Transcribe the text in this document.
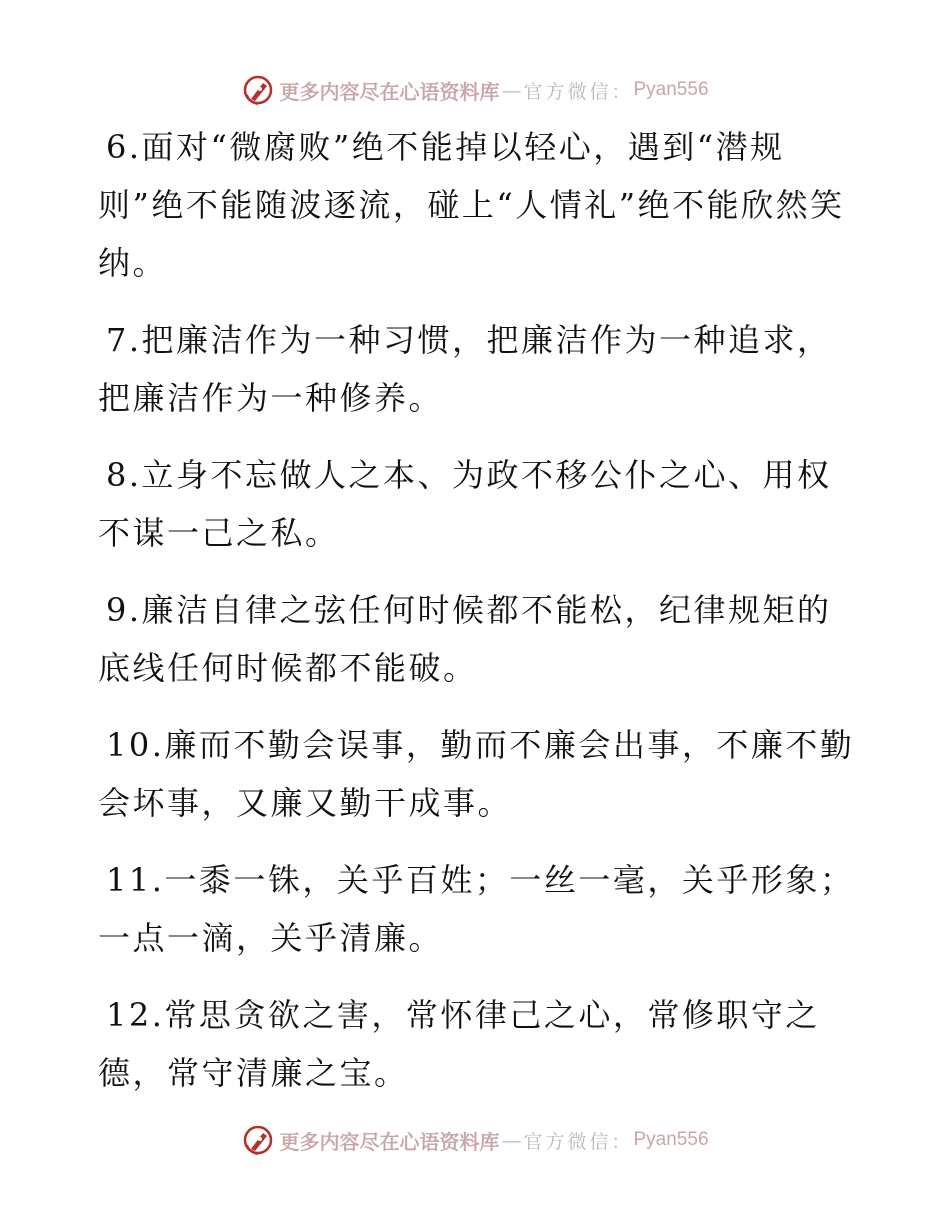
更多内容尽在心语资料库 — 官方微信： Pyan556

6.面对“微腐败”绝不能掉以轻心，遇到“潜规则”绝不能随波逐流，碰上“人情礼”绝不能欣然笑纳。

7.把廉洁作为一种习惯，把廉洁作为一种追求，把廉洁作为一种修养。

8.立身不忘做人之本、为政不移公仆之心、用权不谋一己之私。

9.廉洁自律之弦任何时候都不能松，纪律规矩的底线任何时候都不能破。

10.廉而不勤会误事，勤而不廉会出事，不廉不勤会坏事，又廉又勤干成事。

11.一黍一铢，关乎百姓；一丝一毫，关乎形象；一点一滴，关乎清廉。

12.常思贪欲之害，常怀律己之心，常修职守之德，常守清廉之宝。

更多内容尽在心语资料库 — 官方微信： Pyan556
